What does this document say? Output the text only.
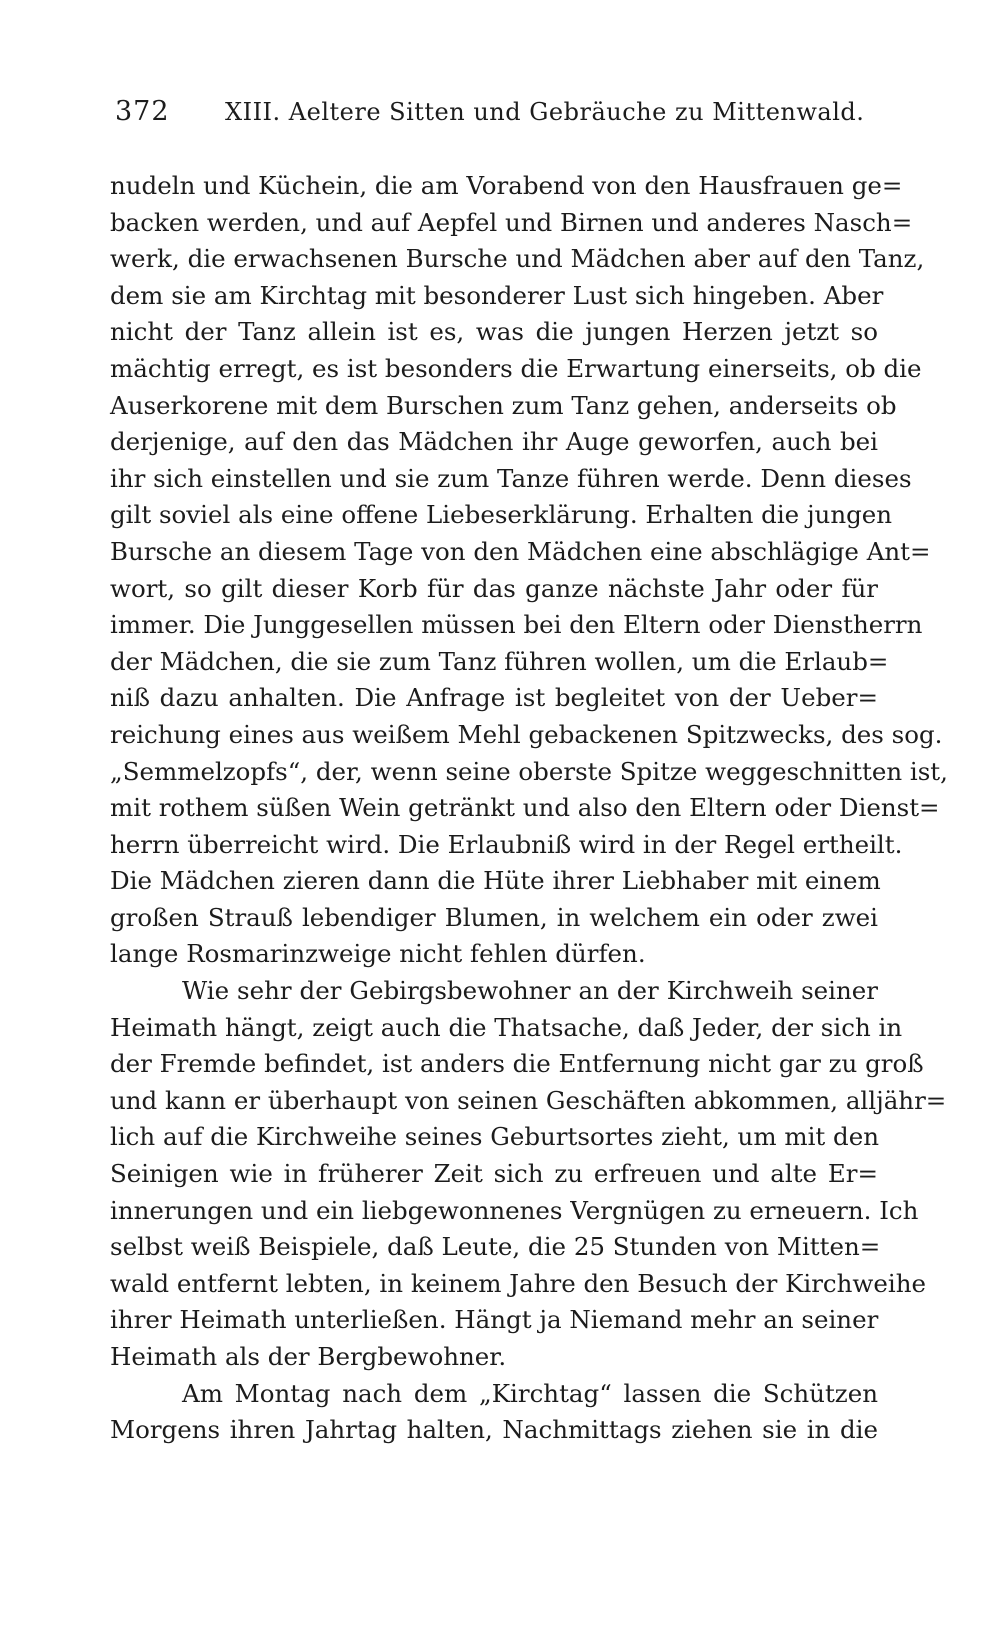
372 XIII. Aeltere Sitten und Gebräuche zu Mittenwald.
nudeln und Küchein, die am Vorabend von den Hausfrauen ge=
backen werden, und auf Aepfel und Birnen und anderes Nasch=
werk, die erwachsenen Bursche und Mädchen aber auf den Tanz,
dem sie am Kirchtag mit besonderer Lust sich hingeben. Aber
nicht der Tanz allein ist es, was die jungen Herzen jetzt so
mächtig erregt, es ist besonders die Erwartung einerseits, ob die
Auserkorene mit dem Burschen zum Tanz gehen, anderseits ob
derjenige, auf den das Mädchen ihr Auge geworfen, auch bei
ihr sich einstellen und sie zum Tanze führen werde. Denn dieses
gilt soviel als eine offene Liebeserklärung. Erhalten die jungen
Bursche an diesem Tage von den Mädchen eine abschlägige Ant=
wort, so gilt dieser Korb für das ganze nächste Jahr oder für
immer. Die Junggesellen müssen bei den Eltern oder Dienstherrn
der Mädchen, die sie zum Tanz führen wollen, um die Erlaub=
niß dazu anhalten. Die Anfrage ist begleitet von der Ueber=
reichung eines aus weißem Mehl gebackenen Spitzwecks, des sog.
„Semmelzopfs“, der, wenn seine oberste Spitze weggeschnitten ist,
mit rothem süßen Wein getränkt und also den Eltern oder Dienst=
herrn überreicht wird. Die Erlaubniß wird in der Regel ertheilt.
Die Mädchen zieren dann die Hüte ihrer Liebhaber mit einem
großen Strauß lebendiger Blumen, in welchem ein oder zwei
lange Rosmarinzweige nicht fehlen dürfen.
Wie sehr der Gebirgsbewohner an der Kirchweih seiner
Heimath hängt, zeigt auch die Thatsache, daß Jeder, der sich in
der Fremde befindet, ist anders die Entfernung nicht gar zu groß
und kann er überhaupt von seinen Geschäften abkommen, alljähr=
lich auf die Kirchweihe seines Geburtsortes zieht, um mit den
Seinigen wie in früherer Zeit sich zu erfreuen und alte Er=
innerungen und ein liebgewonnenes Vergnügen zu erneuern. Ich
selbst weiß Beispiele, daß Leute, die 25 Stunden von Mitten=
wald entfernt lebten, in keinem Jahre den Besuch der Kirchweihe
ihrer Heimath unterließen. Hängt ja Niemand mehr an seiner
Heimath als der Bergbewohner.
Am Montag nach dem „Kirchtag“ lassen die Schützen
Morgens ihren Jahrtag halten, Nachmittags ziehen sie in die
